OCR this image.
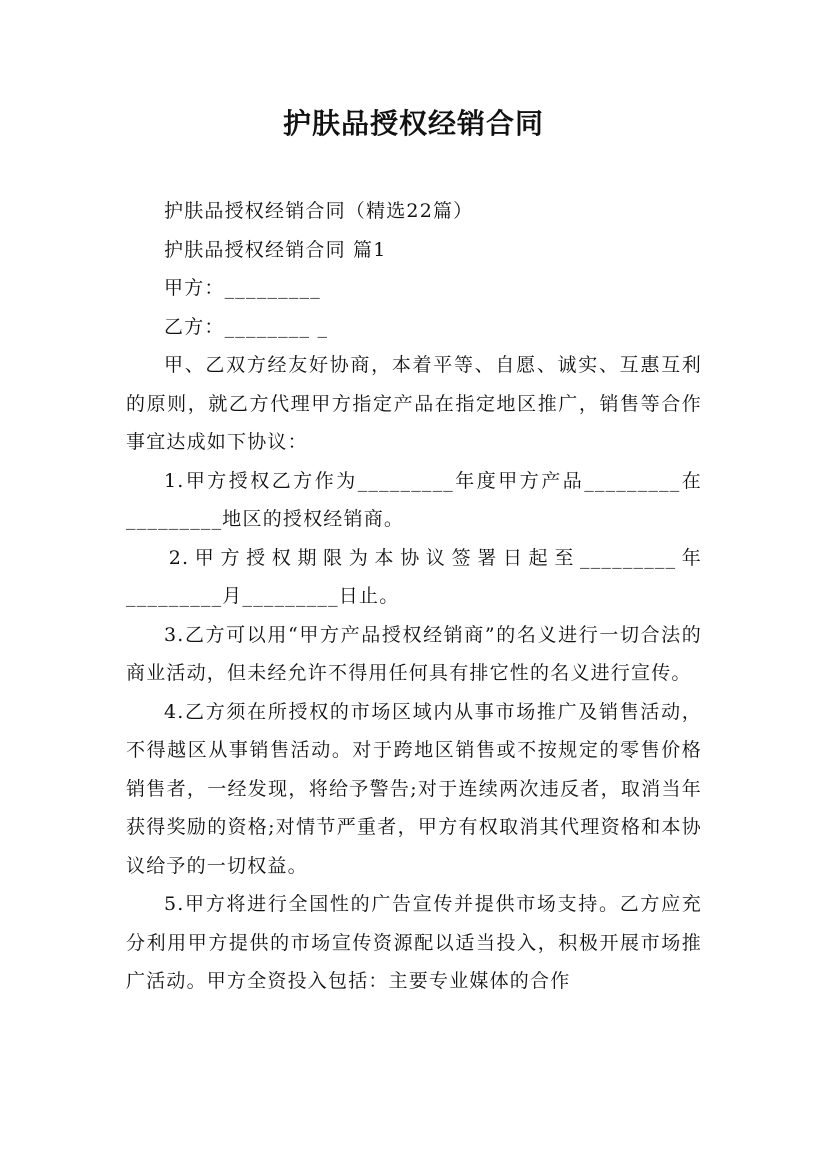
护肤品授权经销合同

护肤品授权经销合同（精选22篇）

护肤品授权经销合同 篇1

甲方：_________

乙方：________ _

甲、乙双方经友好协商，本着平等、自愿、诚实、互惠互利的原则，就乙方代理甲方指定产品在指定地区推广，销售等合作事宜达成如下协议：

1.甲方授权乙方作为_________年度甲方产品_________在_________地区的授权经销商。

2.甲方授权期限为本协议签署日起至_________年_________月_________日止。

3.乙方可以用“甲方产品授权经销商”的名义进行一切合法的商业活动，但未经允许不得用任何具有排它性的名义进行宣传。

4.乙方须在所授权的市场区域内从事市场推广及销售活动，不得越区从事销售活动。对于跨地区销售或不按规定的零售价格销售者，一经发现，将给予警告;对于连续两次违反者，取消当年获得奖励的资格;对情节严重者，甲方有权取消其代理资格和本协议给予的一切权益。

5.甲方将进行全国性的广告宣传并提供市场支持。乙方应充分利用甲方提供的市场宣传资源配以适当投入，积极开展市场推广活动。甲方全资投入包括：主要专业媒体的合作
